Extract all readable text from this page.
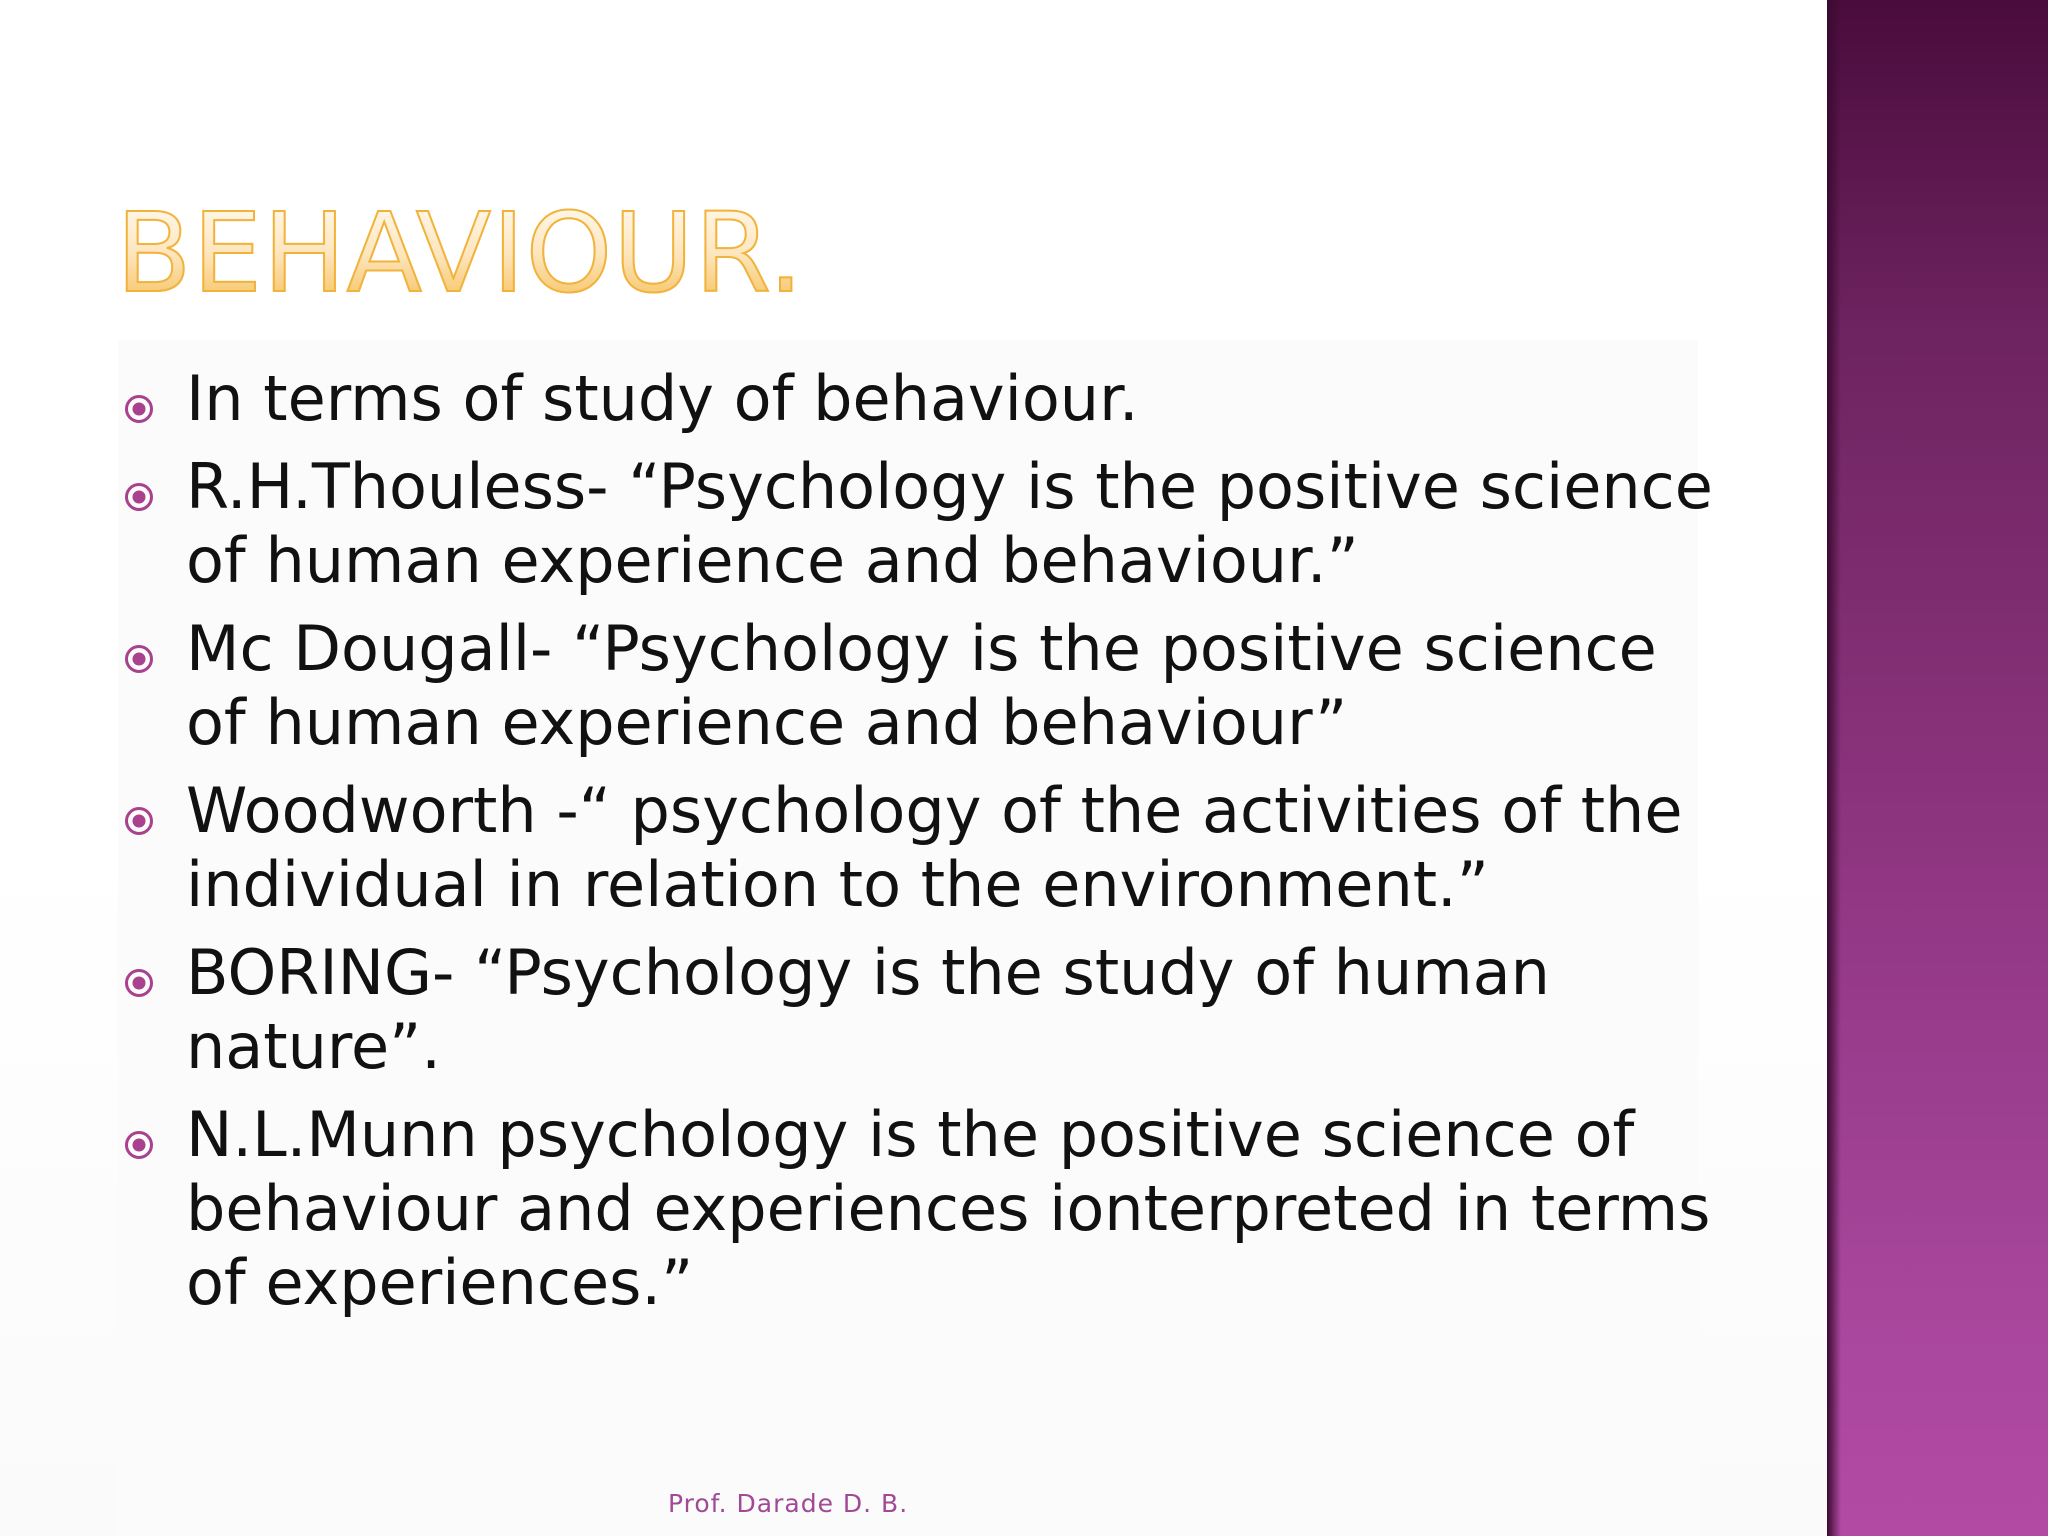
BEHAVIOUR.
In terms of study of behaviour.
R.H.Thouless- “Psychology is the positive science of human experience and behaviour.”
Mc Dougall- “Psychology is the positive science of human experience and behaviour”
Woodworth -“ psychology of the activities of the individual in relation to the environment.”
BORING- “Psychology is the study of human nature”.
N.L.Munn psychology is the positive science of behaviour and experiences ionterpreted in terms of experiences.”
Prof. Darade D. B.
